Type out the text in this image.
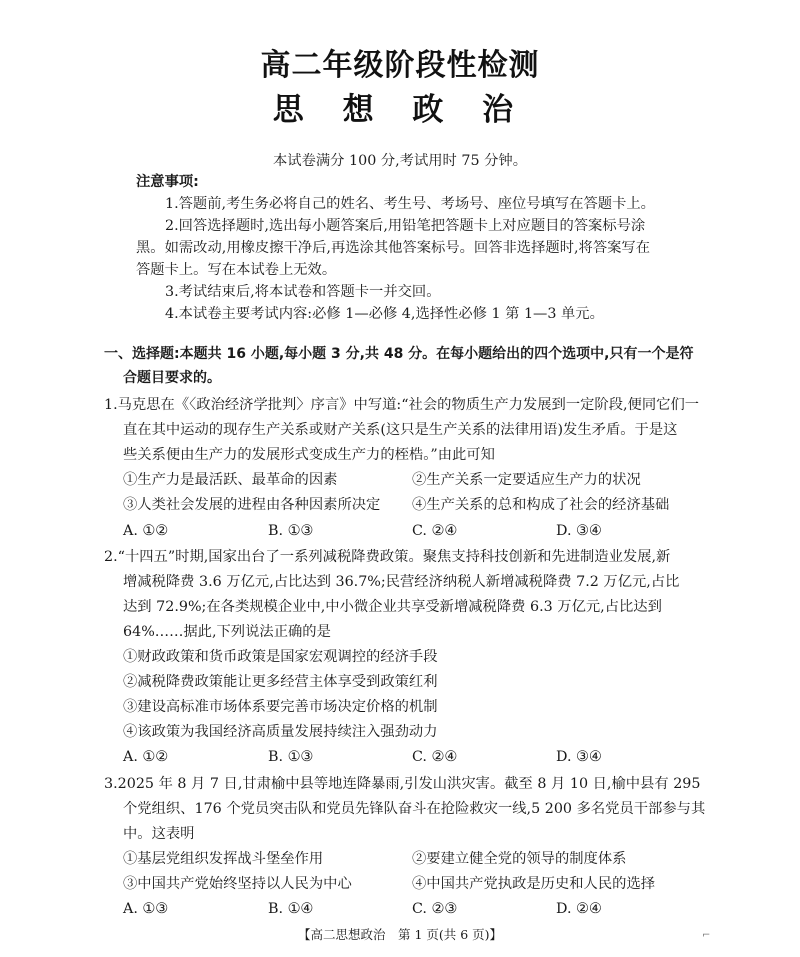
高二年级阶段性检测
思 想 政 治
本试卷满分 100 分,考试用时 75 分钟。
注意事项:
1.答题前,考生务必将自己的姓名、考生号、考场号、座位号填写在答题卡上。
2.回答选择题时,选出每小题答案后,用铅笔把答题卡上对应题目的答案标号涂
黑。如需改动,用橡皮擦干净后,再选涂其他答案标号。回答非选择题时,将答案写在
答题卡上。写在本试卷上无效。
3.考试结束后,将本试卷和答题卡一并交回。
4.本试卷主要考试内容:必修 1—必修 4,选择性必修 1 第 1—3 单元。
一、选择题:本题共 16 小题,每小题 3 分,共 48 分。在每小题给出的四个选项中,只有一个是符
合题目要求的。
1.马克思在《〈政治经济学批判〉序言》中写道:“社会的物质生产力发展到一定阶段,便同它们一
直在其中运动的现存生产关系或财产关系(这只是生产关系的法律用语)发生矛盾。于是这
些关系便由生产力的发展形式变成生产力的桎梏。”由此可知
①生产力是最活跃、最革命的因素	②生产关系一定要适应生产力的状况
③人类社会发展的进程由各种因素所决定 ④生产关系的总和构成了社会的经济基础
A. ①②	B. ①③	C. ②④	D. ③④
2.“十四五”时期,国家出台了一系列减税降费政策。聚焦支持科技创新和先进制造业发展,新
增减税降费 3.6 万亿元,占比达到 36.7%;民营经济纳税人新增减税降费 7.2 万亿元,占比
达到 72.9%;在各类规模企业中,中小微企业共享受新增减税降费 6.3 万亿元,占比达到
64%……据此,下列说法正确的是
①财政政策和货币政策是国家宏观调控的经济手段
②减税降费政策能让更多经营主体享受到政策红利
③建设高标准市场体系要完善市场决定价格的机制
④该政策为我国经济高质量发展持续注入强劲动力
A. ①②	B. ①③	C. ②④	D. ③④
3.2025 年 8 月 7 日,甘肃榆中县等地连降暴雨,引发山洪灾害。截至 8 月 10 日,榆中县有 295
个党组织、176 个党员突击队和党员先锋队奋斗在抢险救灾一线,5 200 多名党员干部参与其
中。这表明
①基层党组织发挥战斗堡垒作用	②要建立健全党的领导的制度体系
③中国共产党始终坚持以人民为中心	④中国共产党执政是历史和人民的选择
A. ①③	B. ①④	C. ②③	D. ②④
【高二思想政治　第 1 页(共 6 页)】	⌐
